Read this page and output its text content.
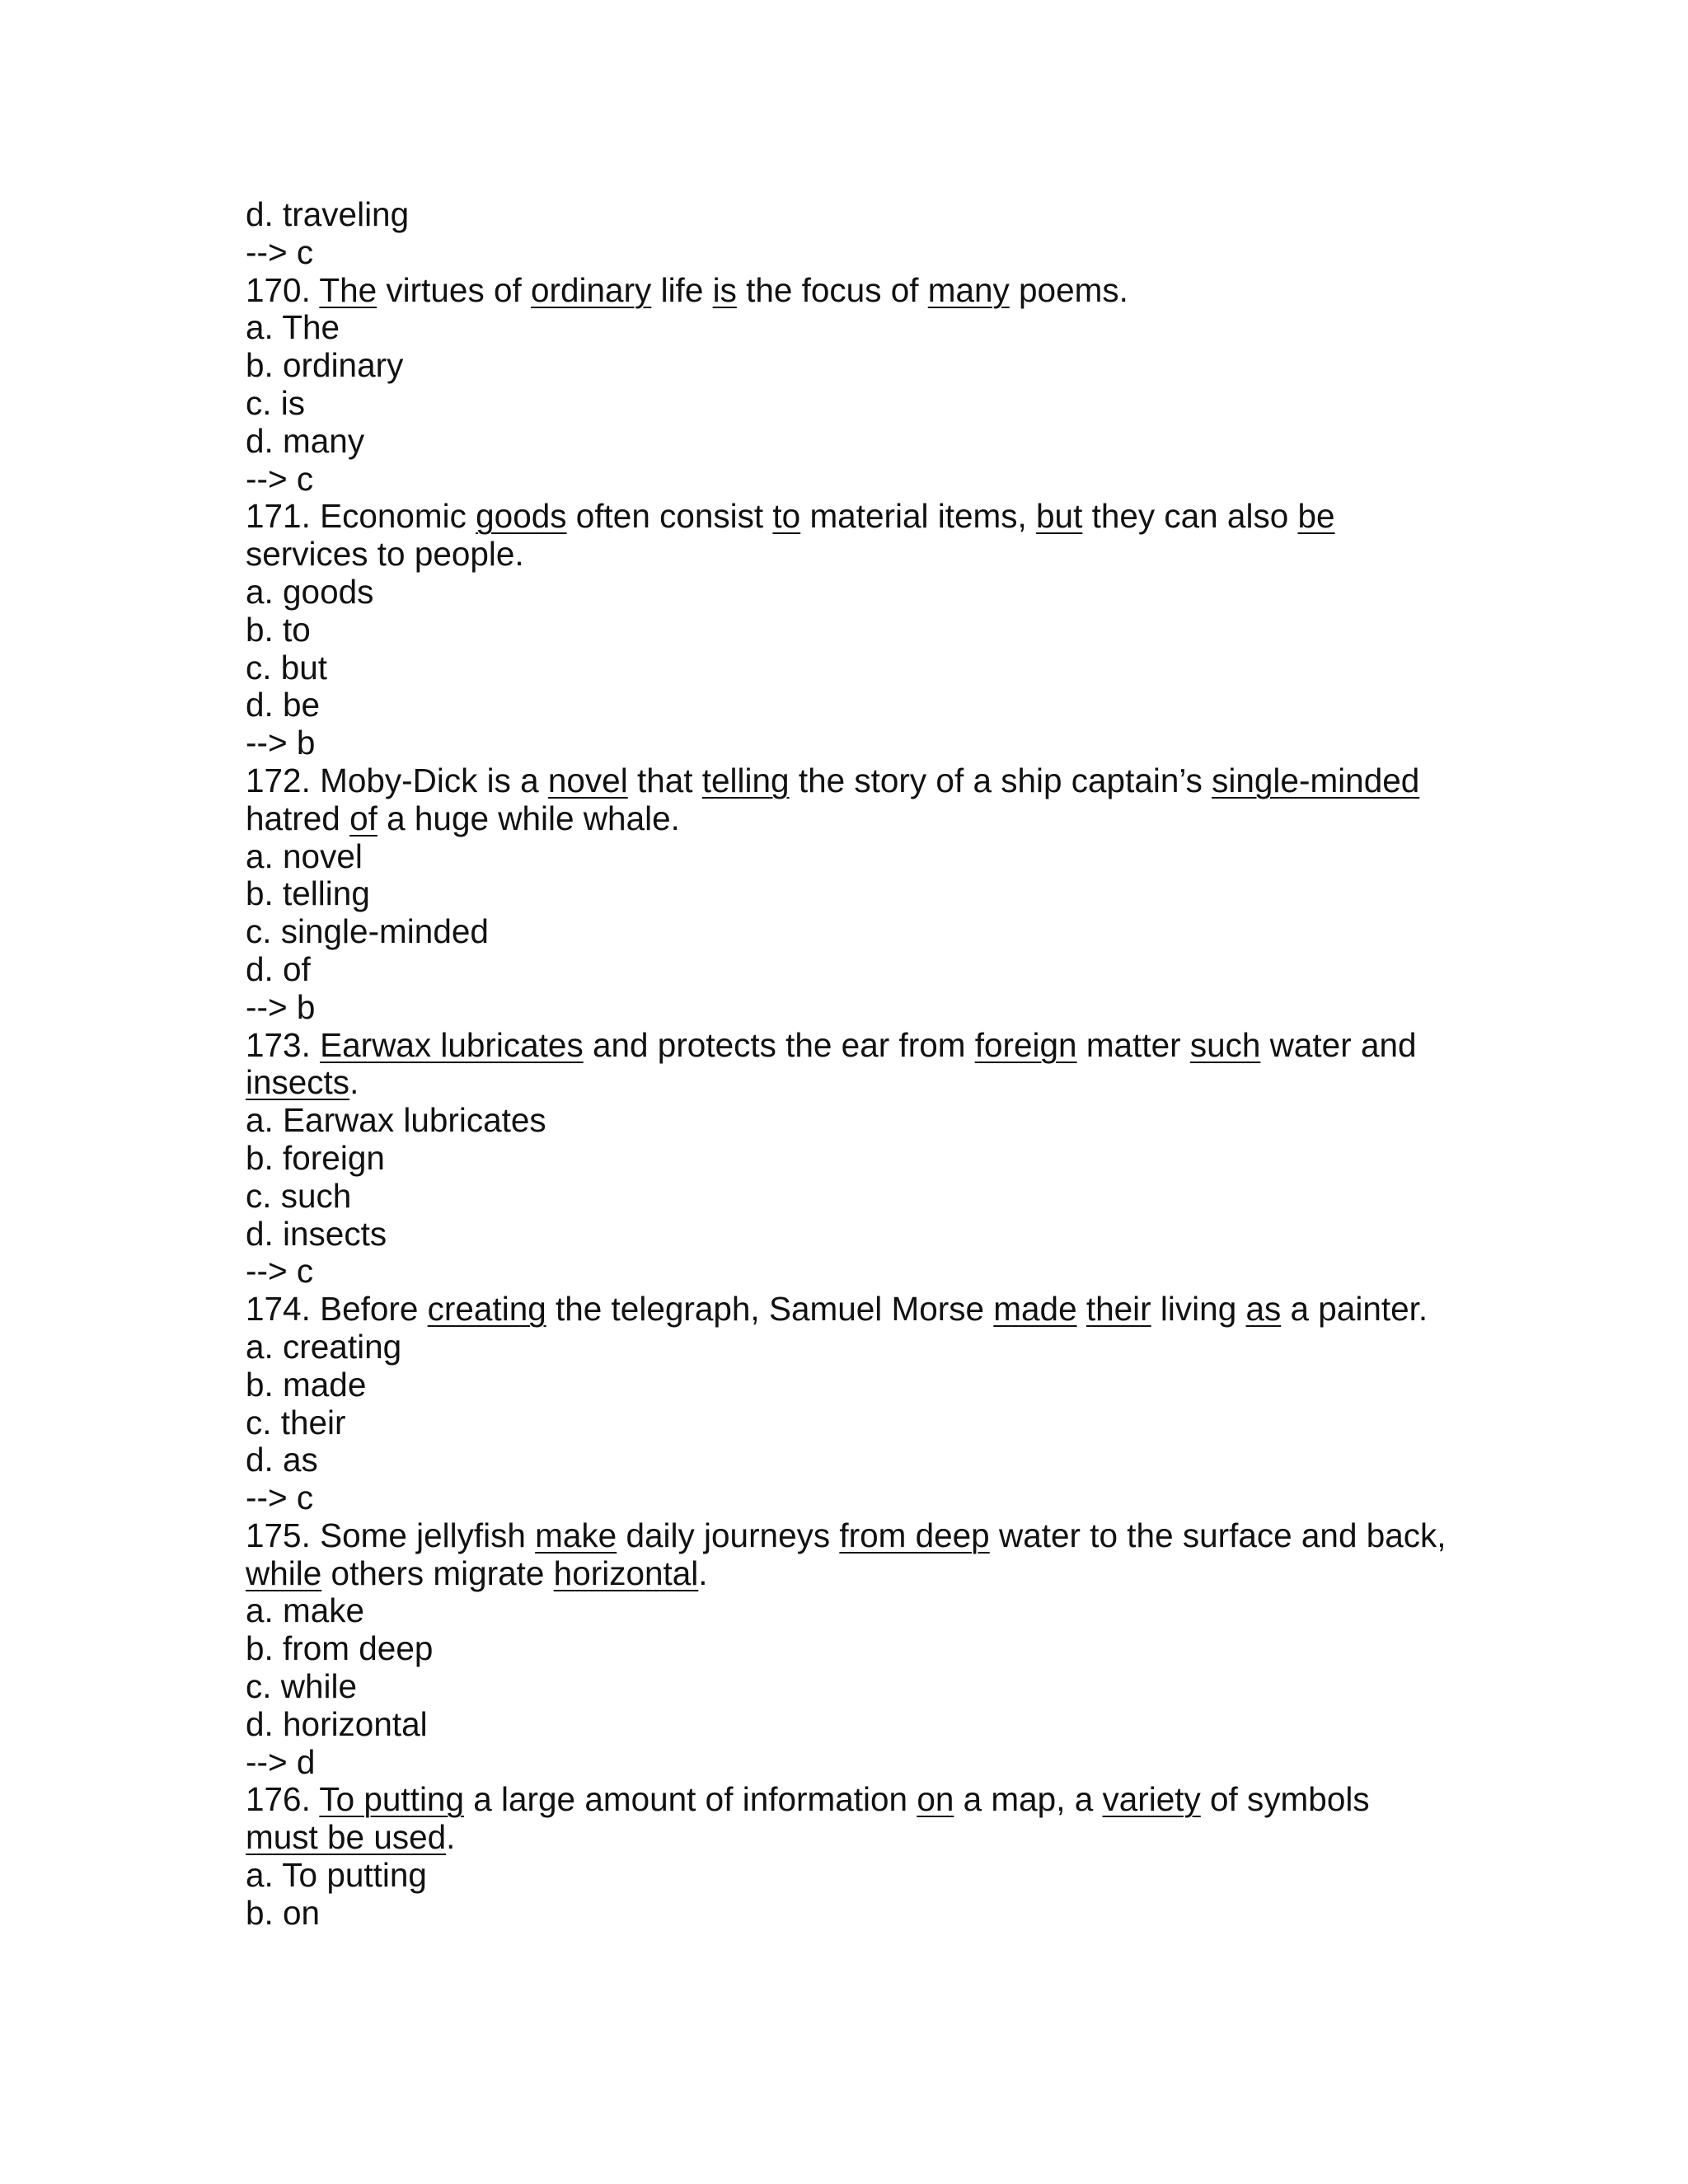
d. traveling
--> c
170. The virtues of ordinary life is the focus of many poems.
a. The
b. ordinary
c. is
d. many
--> c
171. Economic goods often consist to material items, but they can also be
services to people.
a. goods
b. to
c. but
d. be
--> b
172. Moby-Dick is a novel that telling the story of a ship captain’s single-minded
hatred of a huge while whale.
a. novel
b. telling
c. single-minded
d. of
--> b
173. Earwax lubricates and protects the ear from foreign matter such water and
insects.
a. Earwax lubricates
b. foreign
c. such
d. insects
--> c
174. Before creating the telegraph, Samuel Morse made their living as a painter.
a. creating
b. made
c. their
d. as
--> c
175. Some jellyfish make daily journeys from deep water to the surface and back,
while others migrate horizontal.
a. make
b. from deep
c. while
d. horizontal
--> d
176. To putting a large amount of information on a map, a variety of symbols
must be used.
a. To putting
b. on
